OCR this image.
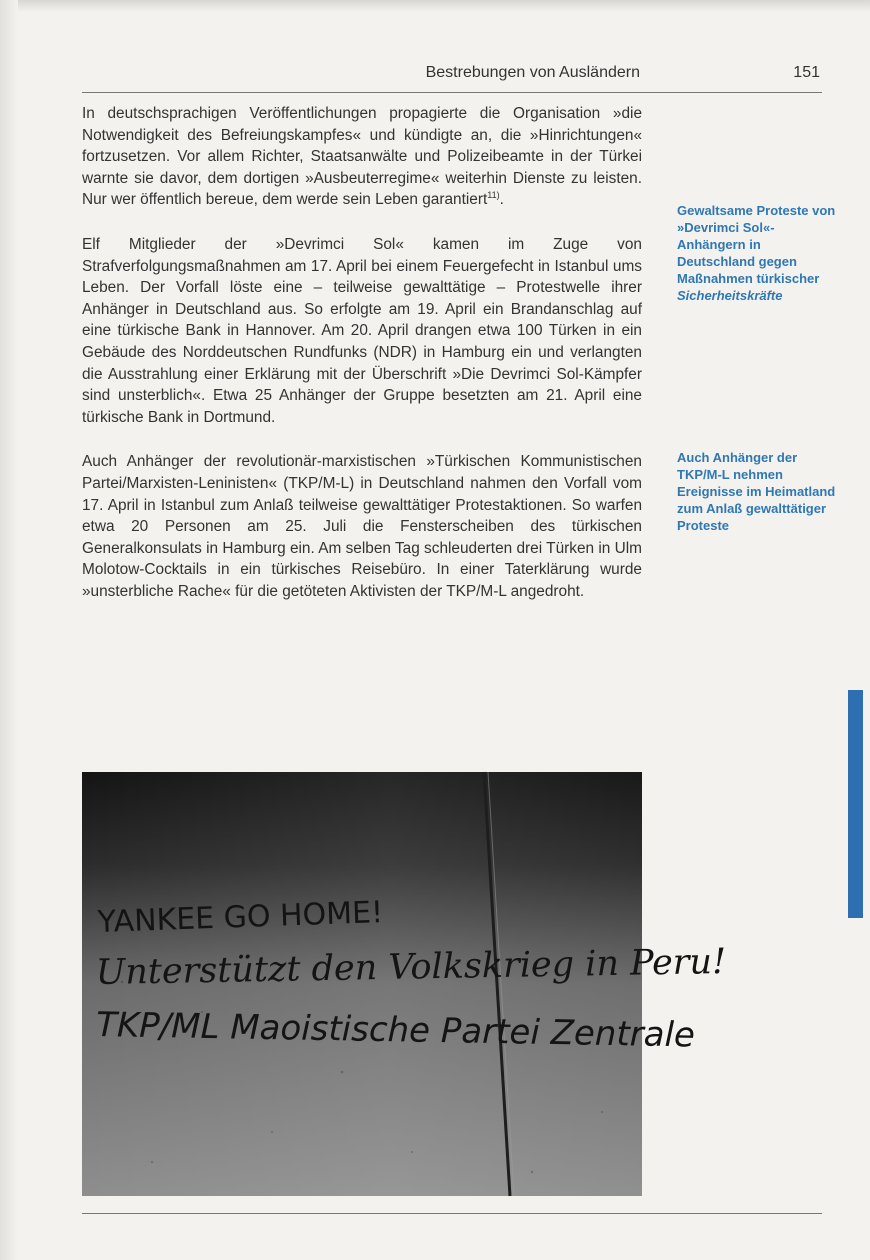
Bestrebungen von Ausländern	151

In deutschsprachigen Veröffentlichungen propagierte die Organisation »die Notwendigkeit des Befreiungskampfes« und kündigte an, die »Hinrichtungen« fortzusetzen. Vor allem Richter, Staatsanwälte und Polizeibeamte in der Türkei warnte sie davor, dem dortigen »Ausbeuterregime« weiterhin Dienste zu leisten. Nur wer öffentlich bereue, dem werde sein Leben garantiert$^{11)}$.

Elf Mitglieder der »Devrimci Sol« kamen im Zuge von Strafverfolgungsmaßnahmen am 17. April bei einem Feuergefecht in Istanbul ums Leben. Der Vorfall löste eine – teilweise gewalttätige – Protestwelle ihrer Anhänger in Deutschland aus. So erfolgte am 19. April ein Brandanschlag auf eine türkische Bank in Hannover. Am 20. April drangen etwa 100 Türken in ein Gebäude des Norddeutschen Rundfunks (NDR) in Hamburg ein und verlangten die Ausstrahlung einer Erklärung mit der Überschrift »Die Devrimci Sol-Kämpfer sind unsterblich«. Etwa 25 Anhänger der Gruppe besetzten am 21. April eine türkische Bank in Dortmund.

Auch Anhänger der revolutionär-marxistischen »Türkischen Kommunistischen Partei/Marxisten-Leninisten« (TKP/M-L) in Deutschland nahmen den Vorfall vom 17. April in Istanbul zum Anlaß teilweise gewalttätiger Protestaktionen. So warfen etwa 20 Personen am 25. Juli die Fensterscheiben des türkischen Generalkonsulats in Hamburg ein. Am selben Tag schleuderten drei Türken in Ulm Molotow-Cocktails in ein türkisches Reisebüro. In einer Taterklärung wurde »unsterbliche Rache« für die getöteten Aktivisten der TKP/M-L angedroht.

Gewaltsame Proteste von »Devrimci Sol«-Anhängern in Deutschland gegen Maßnahmen türkischer Sicherheitskräfte
Auch Anhänger der TKP/M-L nehmen Ereignisse im Heimatland zum Anlaß gewalttätiger Proteste
YANKEE GO HOME!
Unterstützt den Volkskrieg in Peru!
TKP/ML Maoistische Partei Zentrale
